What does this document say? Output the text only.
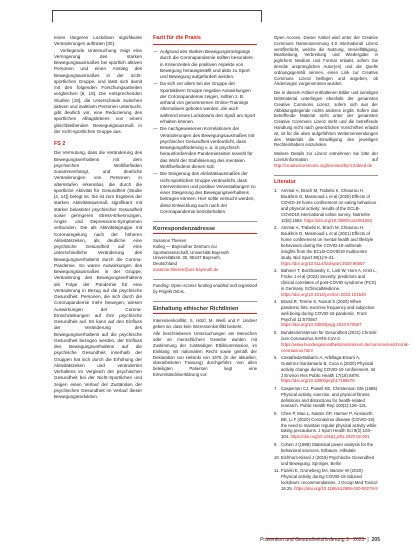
einen längeren Lockdown signifikante Veränderungen auftraten [30].

Vorliegende Untersuchung zeigt eine Verringerung des starken Bewegungsausmaßes bei sportlich aktiven Personen und einen Anstieg des Bewegungsausmaßes in der nicht-sportlichen Gruppe, und lässt sich damit mit den folgenden Forschungsarbeiten vergleichen [6, 19]. Die entsprechenden Studien [19], die Unterschiede zwischen aktiven und inaktiven Personen untersucht, gibt deutlich vor, eine Reduzierung des sportlichen Alltagslebens von einem gleichbleibenden Bewegungsausmaß in der nicht-sportlichen Gruppe aus.

FS 2

Die Vermutung, dass die Veränderung des Bewegungsverhaltens mit dem psychischen Wohlbefinden zusammenhängt, und deutliche Veränderungen von Personen in altersstufen erkennbar, die durch die sportliche Aktivität für Gesundheit (Studie [4, 14]) belegt ist. Sie ist zum Ergebnis der starken Aktivitätsausmaß signifikant mit stärker belasteter psychischer Gesundheit sowie geringeren Stress-Erkennungen, Angst- und Depressions-Symptomen verbunden. Die als Aktivitätsgruppe mit Coronaregelung nach der höheren Aktivitätszeiten, als deutliche eine psychische Gesundheit auf eine unterschiedliche Veränderung des Bewegungsverhaltens durch die Corona-Pandemie. So waren Auswirkungen des Bewegungsausmaßes in der Gruppe, Veränderung des Bewegungsverhaltens als Folge der Pandemie für eine Veränderung in Bezug auf die psychische Gesundheit. Personen, die sich durch die Coronapandemie mehr bewegen, wiesen Auswirkungen der Corona-Einschränkungen auf ihre psychische Gesundheit auf. Es kann auf den Einfluss der Veränderung des Bewegungsverhaltens auf die psychische Gesundheit bezogen werden, der Einfluss des Bewegungsverhaltens auf die psychische Gesundheit innerhalb der Gruppen hat sich durch die Erhöhung der Aktivitätszeiten und veränderten Verhaltens im Vergleich der psychischen Gesundheit bei der Nicht-Sportlichen und zeigen einen Verlauf der Zuständen der psychischen Gesundheit im Verlauf dieser Bewegungsreduktion.

Fazit für die Praxis
— Aufgrund des starken Bewegungsrückgangs durch die Coronapandemie sollten besonders in Krisenzeiten die positiven Aspekte von Bewegung herausgestellt und aktiv zu Sport und Bewegung aufgefordert werden.
— Da sich vor allem bei der Gruppe der Sportaktiven Gruppe negative Auswirkungen der Coronapandemie zeigen, sollten z. B. anhand von genommenen Online-Trainings Alternativen geboten werden, die auch während eines Lockdowns den Spaß am Sport erhalten können.
— Die nachgewiesenen Korrelationen der Veränderungen des Bewegungsausmaßes mit psychischer Gesundheit verdeutlicht, dass Bewegungsförderung v. a. in psychisch herausfordernden Pandemiezeiten sowohl für das Wohl der Stabilisierung des mentalen Wohlbefindens dienen soll.
— Die Steigerung des Aktivitätsausmaßes der nicht-sportlichen Gruppe verdeutlicht, dass Interventionen und positive Veranstaltungen zu einer Steigerung des Bewegungsverhaltens beitragen können. Hier sollte versucht werden, diese Entwicklung auch nach der Coronapandemie beizubehalten.
Korrespondenzadresse
Susanne Theisen
Kolleg — Bayreuther Zentrum zur
Sportwissenschaft, Universität Bayreuth
Universitätsstr. 30, 95447 Bayreuth,
Deutschland
susanne.theisen@uni-bayreuth.de

Funding: Open Access funding enabled and organized by Projekt DEAL.

Einhaltung ethischer Richtlinien

Interessenkonflikt. S. Hölzl, M. Weiß und F. Lindner geben an, dass kein Interessenkonflikt besteht.

Alle beschriebenen Untersuchungen am Menschen oder an menschlichem Gewebe wurden mit Zustimmung der zuständigen Ethikkommission, im Einklang mit nationalem Recht sowie gemäß der Deklaration von Helsinki von 1975 (in der aktuellen, überarbeiteten Fassung) durchgeführt. Von allen beteiligten Patienten liegt eine Einverständniserklärung vor.

Open Access. Dieser Artikel wird unter der Creative Commons Namensnennung 4.0 International Lizenz veröffentlicht, welche die Nutzung, Vervielfältigung, Bearbeitung, Verbreitung und Wiedergabe in jeglichem Medium und Format erlaubt, sofern Sie den/die ursprünglichen Autor(en) und die Quelle ordnungsgemäß nennen, einen Link zur Creative Commons Lizenz beifügen und angeben, ob Änderungen vorgenommen wurden.

Die in diesem Artikel enthaltenen Bilder und sonstiges Drittmaterial unterliegen ebenfalls der genannten Creative Commons Lizenz, sofern sich aus der Abbildungslegende nichts anderes ergibt. Sofern das betreffende Material nicht unter der genannten Creative Commons Lizenz steht und die betreffende Handlung nicht nach gesetzlichen Vorschriften erlaubt ist, ist für die oben aufgeführten Weiterverwendungen des Materials die Einwilligung des jeweiligen Rechteinhabers einzuholen.

Weitere Details zur Lizenz entnehmen Sie bitte der Lizenzinformation auf http://creativecommons.org/licenses/by/4.0/deed.de

Literatur
1. Ammar A, Brach M, Trabelsi K, Chtourou H, Boukhris O, Masmoudi L et al (2020) Effects of COVID-19 home confinement on eating behaviour and physical activity: results of the ECLB-COVID19 international online survey. Nutrients 12(6):1583. https://doi.org/10.3390/nu12061583
2. Ammar A, Trabelsi K, Brach M, Chtourou H, Boukhris O, Masmoudi L et al (2021) Effects of home confinement on mental health and lifestyle behaviours during the COVID-19 outbreak: insights from the ECLB-COVID19 multicentre study. Biol Sport 38(1):9–21. https://doi.org/10.5114/biolsport.2020.96857
3. Bahmer T, Borzikowsky C, Lieb W, Horn A, Krist L, Fricke J et al (2022) Severity, predictors and clinical correlates of post-COVID syndrome (PCS) in Germany. EClinicalMedicine. https://doi.org/10.1016/j.eclinm.2022.101549
4. Brand R, Timme S, Nosrat S (2020) When pandemic hits: exercise frequency and subjective well-being during COVID-19 pandemic. Front Psychol 11:570567. https://doi.org/10.3389/fpsyg.2020.570567
5. Bundesministerium für Gesundheit (2021) Chronik zum Coronavirus SARS-CoV-2. https://www.bundesgesundheitsministerium.de/coronavirus/chronik-coronavirus.html
6. Castañeda-Babarro A, Arbillaga-Etxarri A, Gutiérrez-Santamaría B, Coca A (2020) Physical activity change during COVID-19 confinement. Int J Environ Res Public Health 17(18):6878. https://doi.org/10.3390/ijerph17186878
7. Caspersen CJ, Powell KE, Christenson GM (1985) Physical activity, exercise, and physical fitness: definitions and distinctions for health-related research. Public Health Rep 100(2):126–131.
8. Chen P, Mao L, Nassis GP, Harmer P, Ainsworth BE, Li F (2020) Coronavirus disease (COVID-19): the need to maintain regular physical activity while taking precautions. J Sport Health Sci 9(2):103–104. https://doi.org/10.1016/j.jshs.2020.02.001
9. Cohen J (1988) Statistical power analysis for the behavioral sciences. Erlbaum, Hillsdale
10. Eichhorn-Kissel J (2019) Psychische Gesundheit und Bewegung. Springer, Berlin
11. Füzéki E, Groneberg DA, Banzer W (2020) Physical activity during COVID-19 induced lockdown: recommendations. J Occup Med Toxicol 15:25. https://doi.org/10.1186/s12995-020-00278-9
Prävention und Gesundheitsförderung 3 · 2023 | 205
